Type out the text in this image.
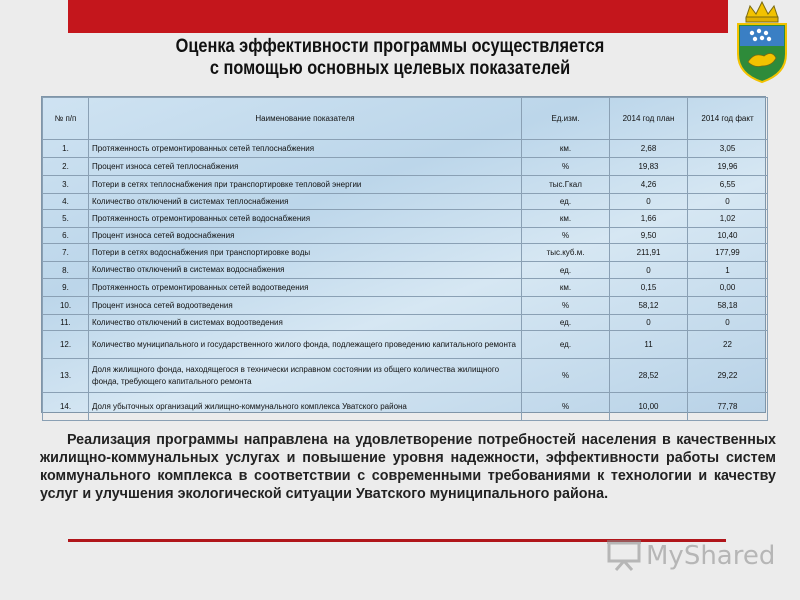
Оценка эффективности программы осуществляется
с помощью основных целевых показателей
№ п/п	Наименование показателя	Ед.изм.	2014 год план	2014 год факт
1.	Протяженность отремонтированных сетей теплоснабжения	км.	2,68	3,05
2.	Процент износа сетей теплоснабжения	%	19,83	19,96
3.	Потери в сетях теплоснабжения при транспортировке тепловой энергии	тыс.Гкал	4,26	6,55
4.	Количество отключений в системах теплоснабжения	ед.	0	0
5.	Протяженность отремонтированных сетей водоснабжения	км.	1,66	1,02
6.	Процент износа сетей водоснабжения	%	9,50	10,40
7.	Потери в сетях водоснабжения при транспортировке воды	тыс.куб.м.	211,91	177,99
8.	Количество отключений в системах водоснабжения	ед.	0	1
9.	Протяженность отремонтированных сетей водоотведения	км.	0,15	0,00
10.	Процент износа сетей водоотведения	%	58,12	58,18
11.	Количество отключений в системах водоотведения	ед.	0	0
12.	Количество муниципального и государственного жилого фонда, подлежащего проведению капитального ремонта	ед.	11	22
13.	Доля жилищного фонда, находящегося в технически исправном состоянии из общего количества жилищного фонда, требующего капитального ремонта	%	28,52	29,22
14.	Доля убыточных организаций жилищно-коммунального комплекса Уватского района	%	10,00	77,78

Реализация программы направлена на удовлетворение потребностей населения в качественных жилищно-коммунальных услугах и повышение уровня надежности, эффективности работы систем коммунального комплекса в соответствии с современными требованиями к технологии и качеству услуг и улучшения экологической ситуации Уватского муниципального района.

MyShared
